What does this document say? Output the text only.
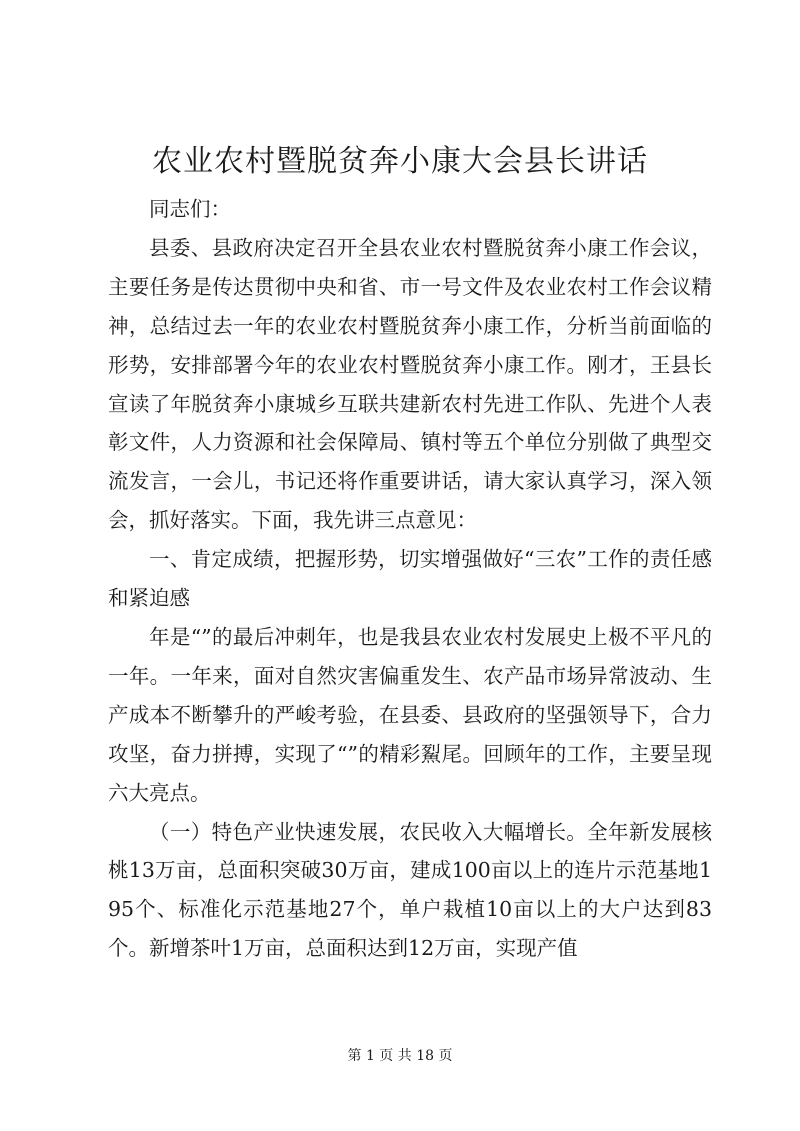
农业农村暨脱贫奔小康大会县长讲话

同志们：

县委、县政府决定召开全县农业农村暨脱贫奔小康工作会议，主要任务是传达贯彻中央和省、市一号文件及农业农村工作会议精神，总结过去一年的农业农村暨脱贫奔小康工作，分析当前面临的形势，安排部署今年的农业农村暨脱贫奔小康工作。刚才，王县长宣读了年脱贫奔小康城乡互联共建新农村先进工作队、先进个人表彰文件，人力资源和社会保障局、镇村等五个单位分别做了典型交流发言，一会儿，书记还将作重要讲话，请大家认真学习，深入领会，抓好落实。下面，我先讲三点意见：

一、肯定成绩，把握形势，切实增强做好“三农”工作的责任感和紧迫感

年是“”的最后冲刺年，也是我县农业农村发展史上极不平凡的一年。一年来，面对自然灾害偏重发生、农产品市场异常波动、生产成本不断攀升的严峻考验，在县委、县政府的坚强领导下，合力攻坚，奋力拼搏，实现了“”的精彩鮤尾。回顾年的工作，主要呈现六大亮点。

（一）特色产业快速发展，农民收入大幅增长。全年新发展核桃13万亩，总面积突破30万亩，建成100亩以上的连片示范基地195个、标准化示范基地27个，单户栽植10亩以上的大户达到83个。新增茶叶1万亩，总面积达到12万亩，实现产值

第 1 页 共 18 页
